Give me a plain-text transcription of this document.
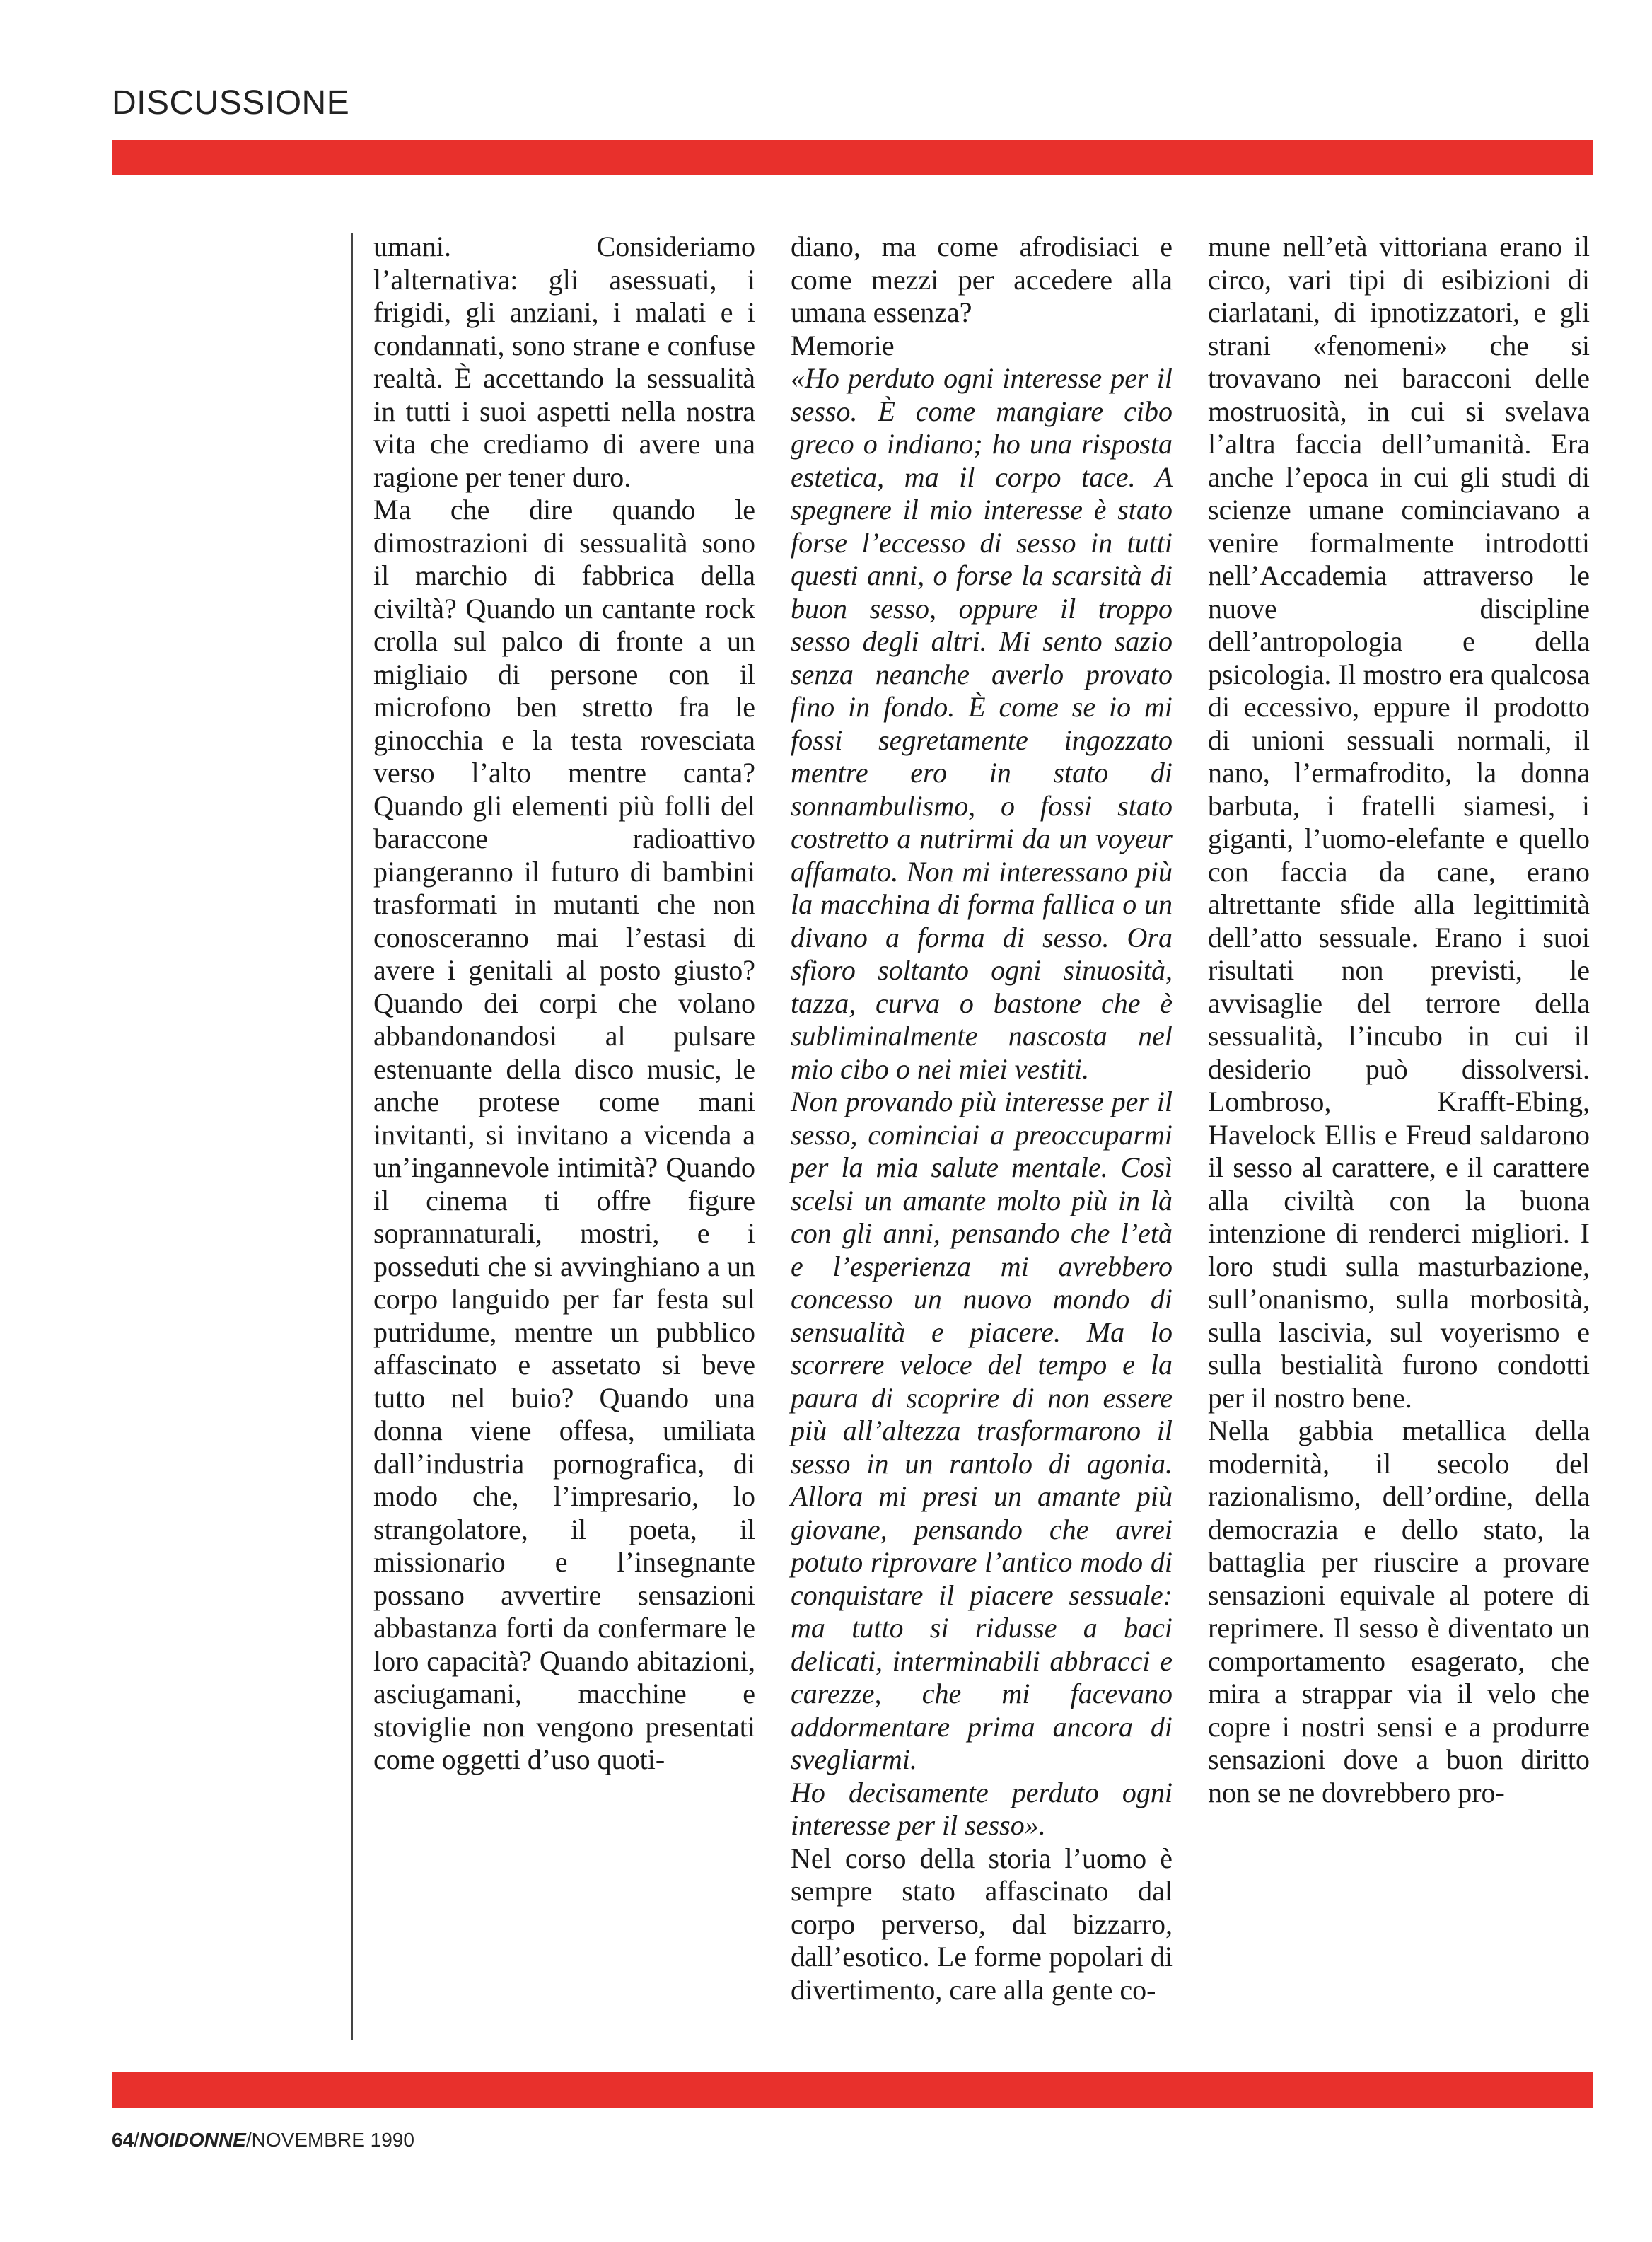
DISCUSSIONE

umani. Consideriamo l’alternativa: gli asessuati, i frigidi, gli anziani, i malati e i condannati, sono strane e confuse realtà. È accettando la sessualità in tutti i suoi aspetti nella nostra vita che crediamo di avere una ragione per tener duro.

Ma che dire quando le dimostrazioni di sessualità sono il marchio di fabbrica della civiltà? Quando un cantante rock crolla sul palco di fronte a un migliaio di persone con il microfono ben stretto fra le ginocchia e la testa rovesciata verso l’alto mentre canta? Quando gli elementi più folli del baraccone radioattivo piangeranno il futuro di bambini trasformati in mutanti che non conosceranno mai l’estasi di avere i genitali al posto giusto? Quando dei corpi che volano abbandonandosi al pulsare estenuante della disco music, le anche protese come mani invitanti, si invitano a vicenda a un’ingannevole intimità? Quando il cinema ti offre figure soprannaturali, mostri, e i posseduti che si avvinghiano a un corpo languido per far festa sul putridume, mentre un pubblico affascinato e assetato si beve tutto nel buio? Quando una donna viene offesa, umiliata dall’industria pornografica, di modo che, l’impresario, lo strangolatore, il poeta, il missionario e l’insegnante possano avvertire sensazioni abbastanza forti da confermare le loro capacità? Quando abitazioni, asciugamani, macchine e stoviglie non vengono presentati come oggetti d’uso quoti-

diano, ma come afrodisiaci e come mezzi per accedere alla umana essenza?

Memorie

«Ho perduto ogni interesse per il sesso. È come mangiare cibo greco o indiano; ho una risposta estetica, ma il corpo tace. A spegnere il mio interesse è stato forse l’eccesso di sesso in tutti questi anni, o forse la scarsità di buon sesso, oppure il troppo sesso degli altri. Mi sento sazio senza neanche averlo provato fino in fondo. È come se io mi fossi segretamente ingozzato mentre ero in stato di sonnambulismo, o fossi stato costretto a nutrirmi da un voyeur affamato. Non mi interessano più la macchina di forma fallica o un divano a forma di sesso. Ora sfioro soltanto ogni sinuosità, tazza, curva o bastone che è subliminalmente nascosta nel mio cibo o nei miei vestiti.

Non provando più interesse per il sesso, cominciai a preoccuparmi per la mia salute mentale. Così scelsi un amante molto più in là con gli anni, pensando che l’età e l’esperienza mi avrebbero concesso un nuovo mondo di sensualità e piacere. Ma lo scorrere veloce del tempo e la paura di scoprire di non essere più all’altezza trasformarono il sesso in un rantolo di agonia. Allora mi presi un amante più giovane, pensando che avrei potuto riprovare l’antico modo di conquistare il piacere sessuale: ma tutto si ridusse a baci delicati, interminabili abbracci e carezze, che mi facevano addormentare prima ancora di svegliarmi.

Ho decisamente perduto ogni interesse per il sesso».

Nel corso della storia l’uomo è sempre stato affascinato dal corpo perverso, dal bizzarro, dall’esotico. Le forme popolari di divertimento, care alla gente co-

mune nell’età vittoriana erano il circo, vari tipi di esibizioni di ciarlatani, di ipnotizzatori, e gli strani «fenomeni» che si trovavano nei baracconi delle mostruosità, in cui si svelava l’altra faccia dell’umanità. Era anche l’epoca in cui gli studi di scienze umane cominciavano a venire formalmente introdotti nell’Accademia attraverso le nuove discipline dell’antropologia e della psicologia. Il mostro era qualcosa di eccessivo, eppure il prodotto di unioni sessuali normali, il nano, l’ermafrodito, la donna barbuta, i fratelli siamesi, i giganti, l’uomo-elefante e quello con faccia da cane, erano altrettante sfide alla legittimità dell’atto sessuale. Erano i suoi risultati non previsti, le avvisaglie del terrore della sessualità, l’incubo in cui il desiderio può dissolversi. Lombroso, Krafft-Ebing, Havelock Ellis e Freud saldarono il sesso al carattere, e il carattere alla civiltà con la buona intenzione di renderci migliori. I loro studi sulla masturbazione, sull’onanismo, sulla morbosità, sulla lascivia, sul voyerismo e sulla bestialità furono condotti per il nostro bene.

Nella gabbia metallica della modernità, il secolo del razionalismo, dell’ordine, della democrazia e dello stato, la battaglia per riuscire a provare sensazioni equivale al potere di reprimere. Il sesso è diventato un comportamento esagerato, che mira a strappar via il velo che copre i nostri sensi e a produrre sensazioni dove a buon diritto non se ne dovrebbero pro-

64/NOIDONNE/NOVEMBRE 1990
